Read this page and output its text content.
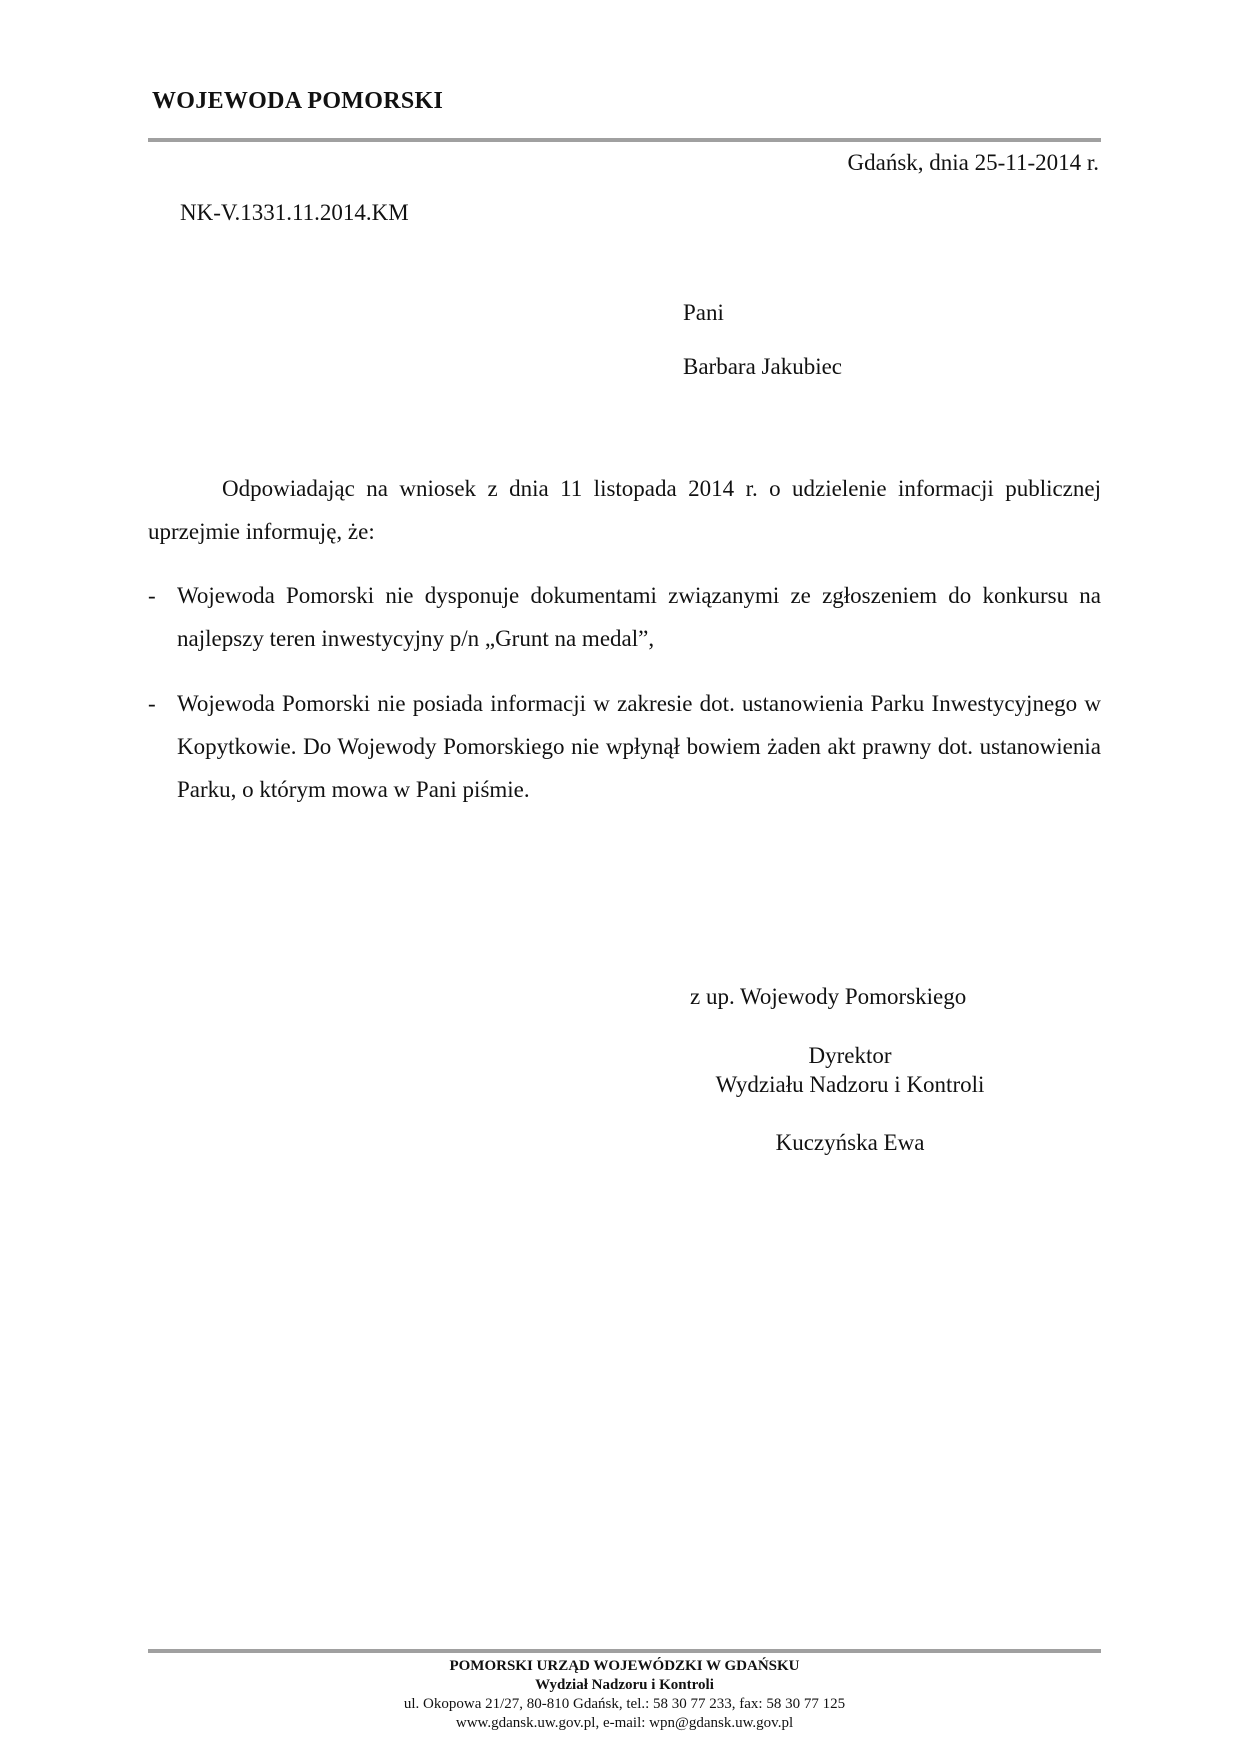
WOJEWODA POMORSKI
Gdańsk, dnia 25-11-2014 r.
NK-V.1331.11.2014.KM
Pani
Barbara Jakubiec
Odpowiadając na wniosek z dnia 11 listopada 2014 r. o udzielenie informacji publicznej uprzejmie informuję, że:
- Wojewoda Pomorski nie dysponuje dokumentami związanymi ze zgłoszeniem do konkursu na najlepszy teren inwestycyjny p/n „Grunt na medal”,
- Wojewoda Pomorski nie posiada informacji w zakresie dot. ustanowienia Parku Inwestycyjnego w Kopytkowie. Do Wojewody Pomorskiego nie wpłynął bowiem żaden akt prawny dot. ustanowienia Parku, o którym mowa w Pani piśmie.
z up. Wojewody Pomorskiego
Dyrektor
Wydziału Nadzoru i Kontroli
Kuczyńska Ewa
POMORSKI URZĄD WOJEWÓDZKI W GDAŃSKU
Wydział Nadzoru i Kontroli
ul. Okopowa 21/27, 80-810 Gdańsk, tel.: 58 30 77 233, fax: 58 30 77 125
www.gdansk.uw.gov.pl, e-mail: wpn@gdansk.uw.gov.pl
